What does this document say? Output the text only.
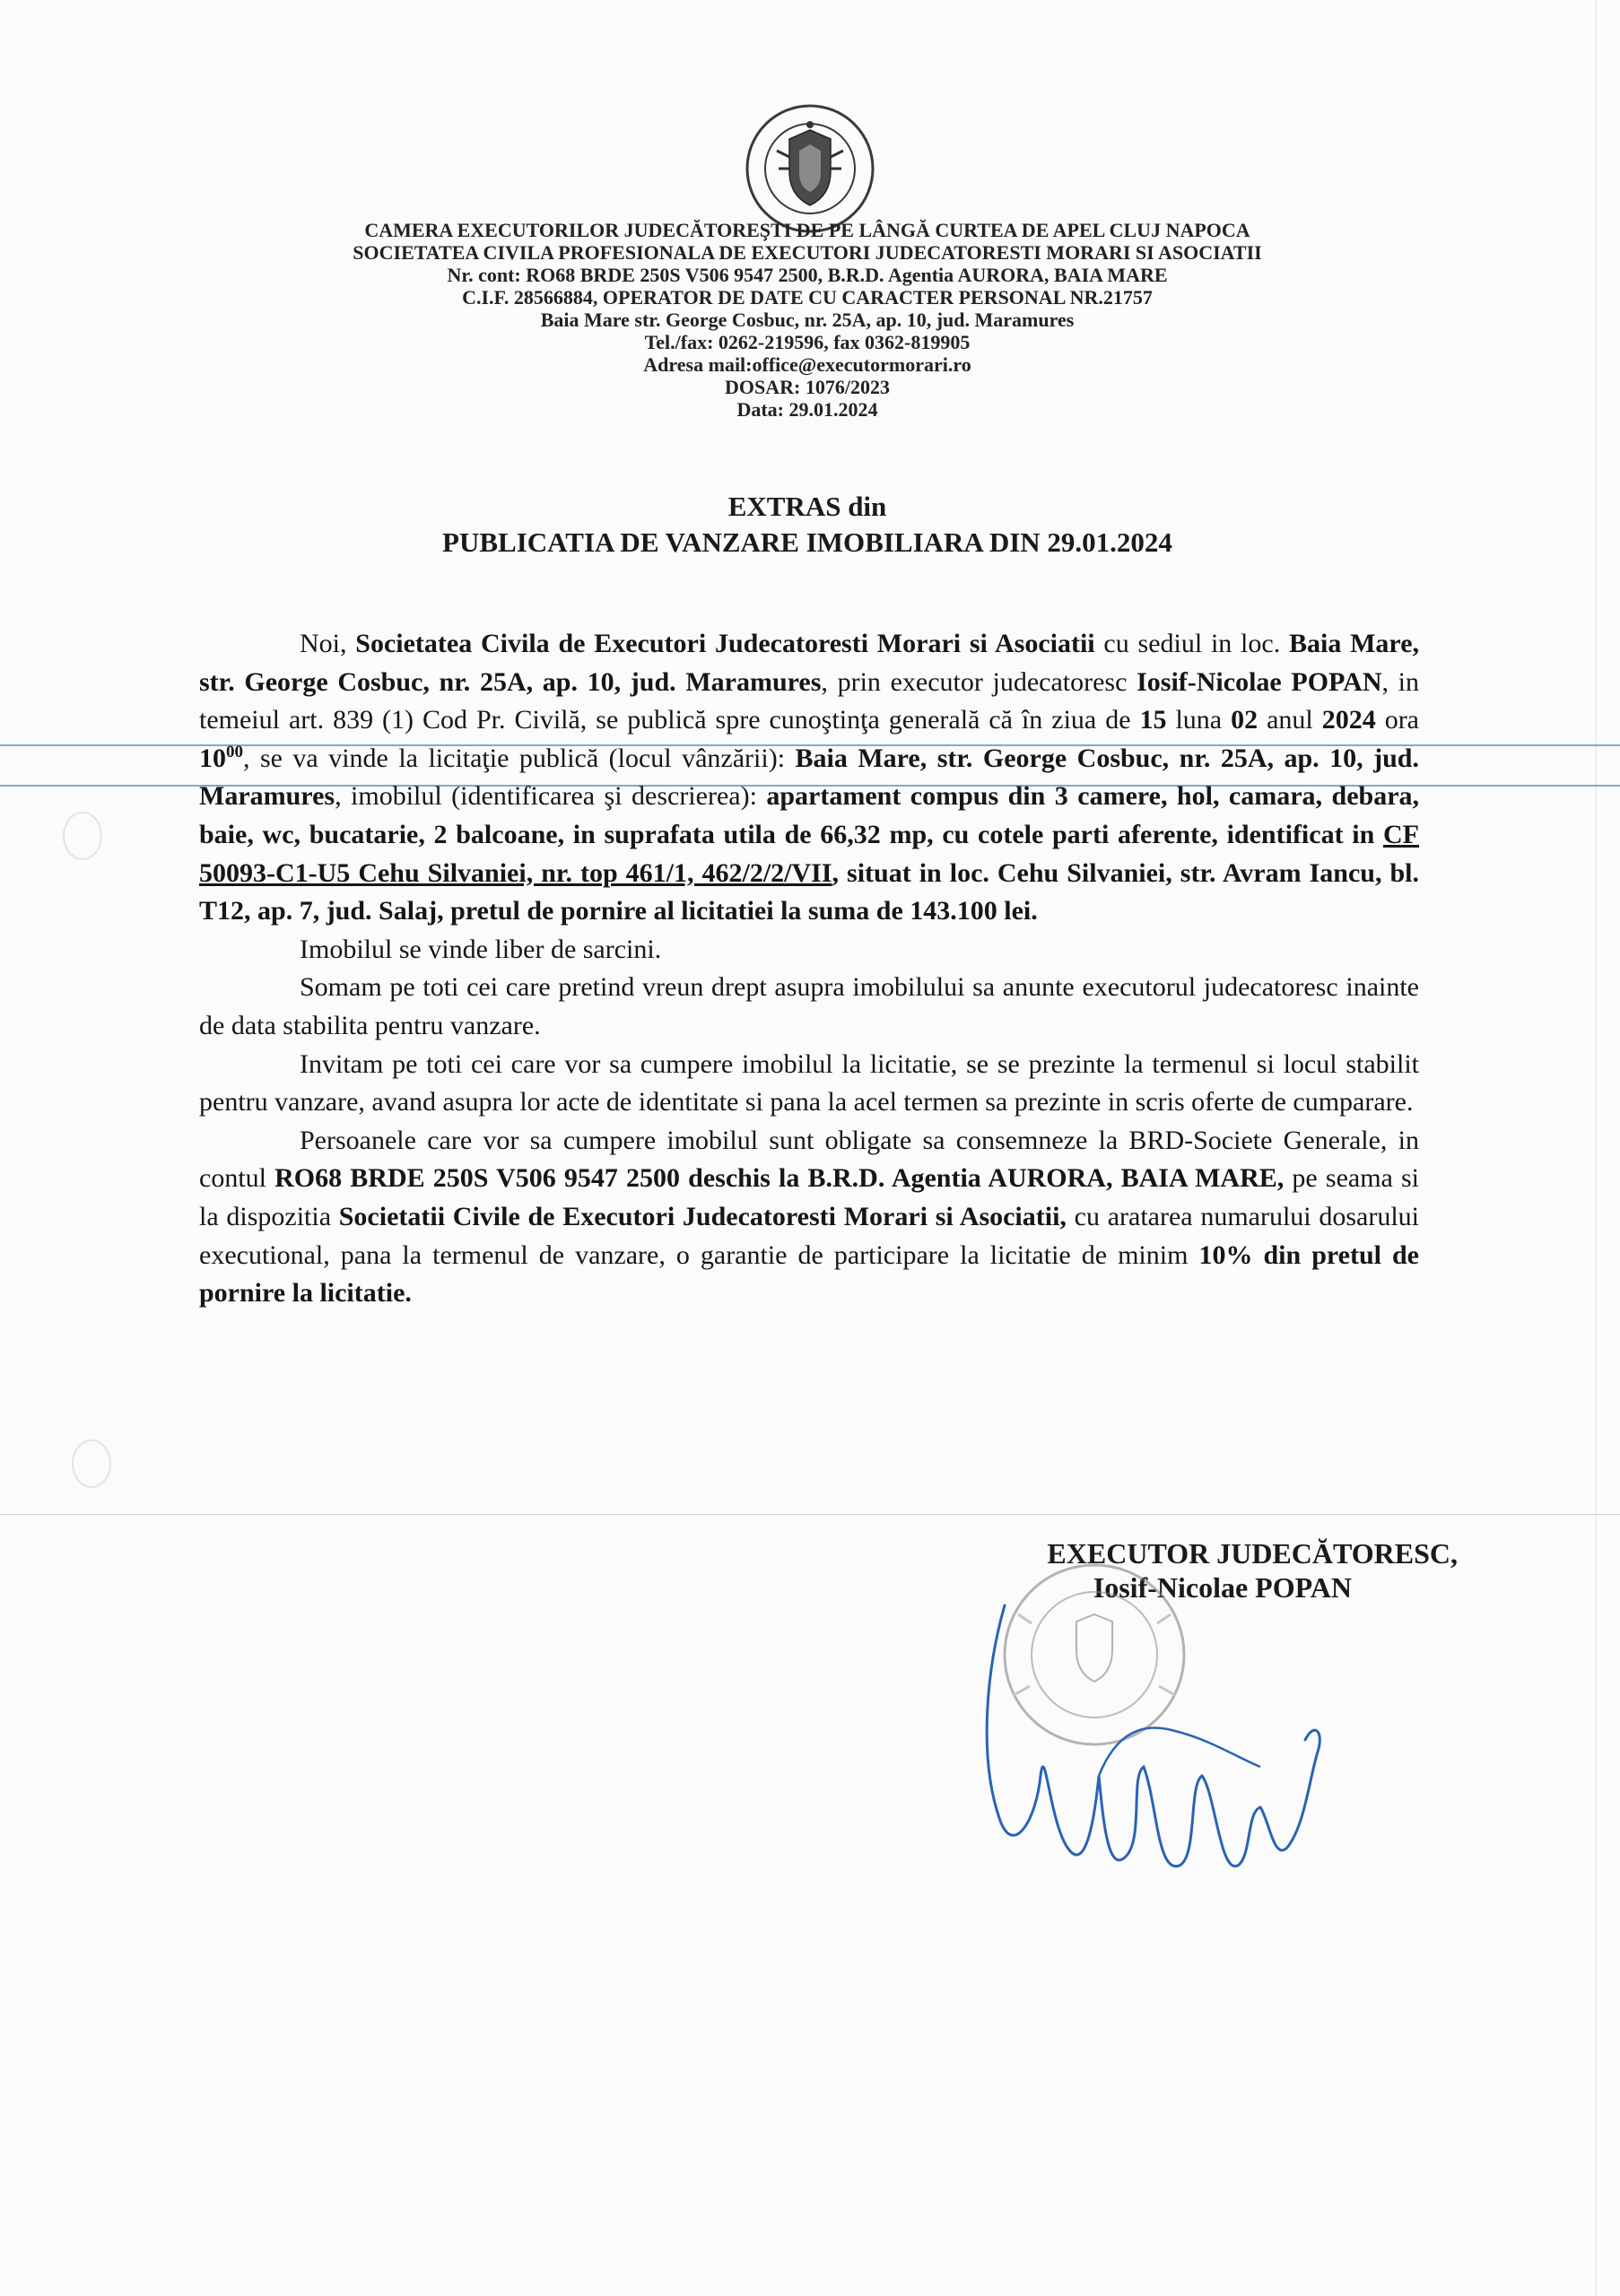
CAMERA EXECUTORILOR JUDECĂTOREŞTI DE PE LÂNGĂ CURTEA DE APEL CLUJ NAPOCA
SOCIETATEA CIVILA PROFESIONALA DE EXECUTORI JUDECATORESTI MORARI SI ASOCIATII
Nr. cont: RO68 BRDE 250S V506 9547 2500, B.R.D. Agentia AURORA, BAIA MARE
C.I.F. 28566884, OPERATOR DE DATE CU CARACTER PERSONAL NR.21757
Baia Mare str. George Cosbuc, nr. 25A, ap. 10, jud. Maramures
Tel./fax: 0262-219596, fax 0362-819905
Adresa mail:office@executormorari.ro
DOSAR: 1076/2023
Data: 29.01.2024
EXTRAS din
PUBLICATIA DE VANZARE IMOBILIARA DIN 29.01.2024

Noi, Societatea Civila de Executori Judecatoresti Morari si Asociatii cu sediul in loc. Baia Mare, str. George Cosbuc, nr. 25A, ap. 10, jud. Maramures, prin executor judecatoresc Iosif-Nicolae POPAN, in temeiul art. 839 (1) Cod Pr. Civilă, se publică spre cunoştinţa generală că în ziua de 15 luna 02 anul 2024 ora $10^{00}$, se va vinde la licitaţie publică (locul vânzării): Baia Mare, str. George Cosbuc, nr. 25A, ap. 10, jud. Maramures, imobilul (identificarea şi descrierea): apartament compus din 3 camere, hol, camara, debara, baie, wc, bucatarie, 2 balcoane, in suprafata utila de 66,32 mp, cu cotele parti aferente, identificat in CF 50093-C1-U5 Cehu Silvaniei, nr. top 461/1, 462/2/2/VII, situat in loc. Cehu Silvaniei, str. Avram Iancu, bl. T12, ap. 7, jud. Salaj, pretul de pornire al licitatiei la suma de 143.100 lei.

Imobilul se vinde liber de sarcini.

Somam pe toti cei care pretind vreun drept asupra imobilului sa anunte executorul judecatoresc inainte de data stabilita pentru vanzare.

Invitam pe toti cei care vor sa cumpere imobilul la licitatie, se se prezinte la termenul si locul stabilit pentru vanzare, avand asupra lor acte de identitate si pana la acel termen sa prezinte in scris oferte de cumparare.

Persoanele care vor sa cumpere imobilul sunt obligate sa consemneze la BRD-Societe Generale, in contul RO68 BRDE 250S V506 9547 2500 deschis la B.R.D. Agentia AURORA, BAIA MARE, pe seama si la dispozitia Societatii Civile de Executori Judecatoresti Morari si Asociatii, cu aratarea numarului dosarului executional, pana la termenul de vanzare, o garantie de participare la licitatie de minim 10% din pretul de pornire la licitatie.

EXECUTOR JUDECĂTORESC,
Iosif-Nicolae POPAN
